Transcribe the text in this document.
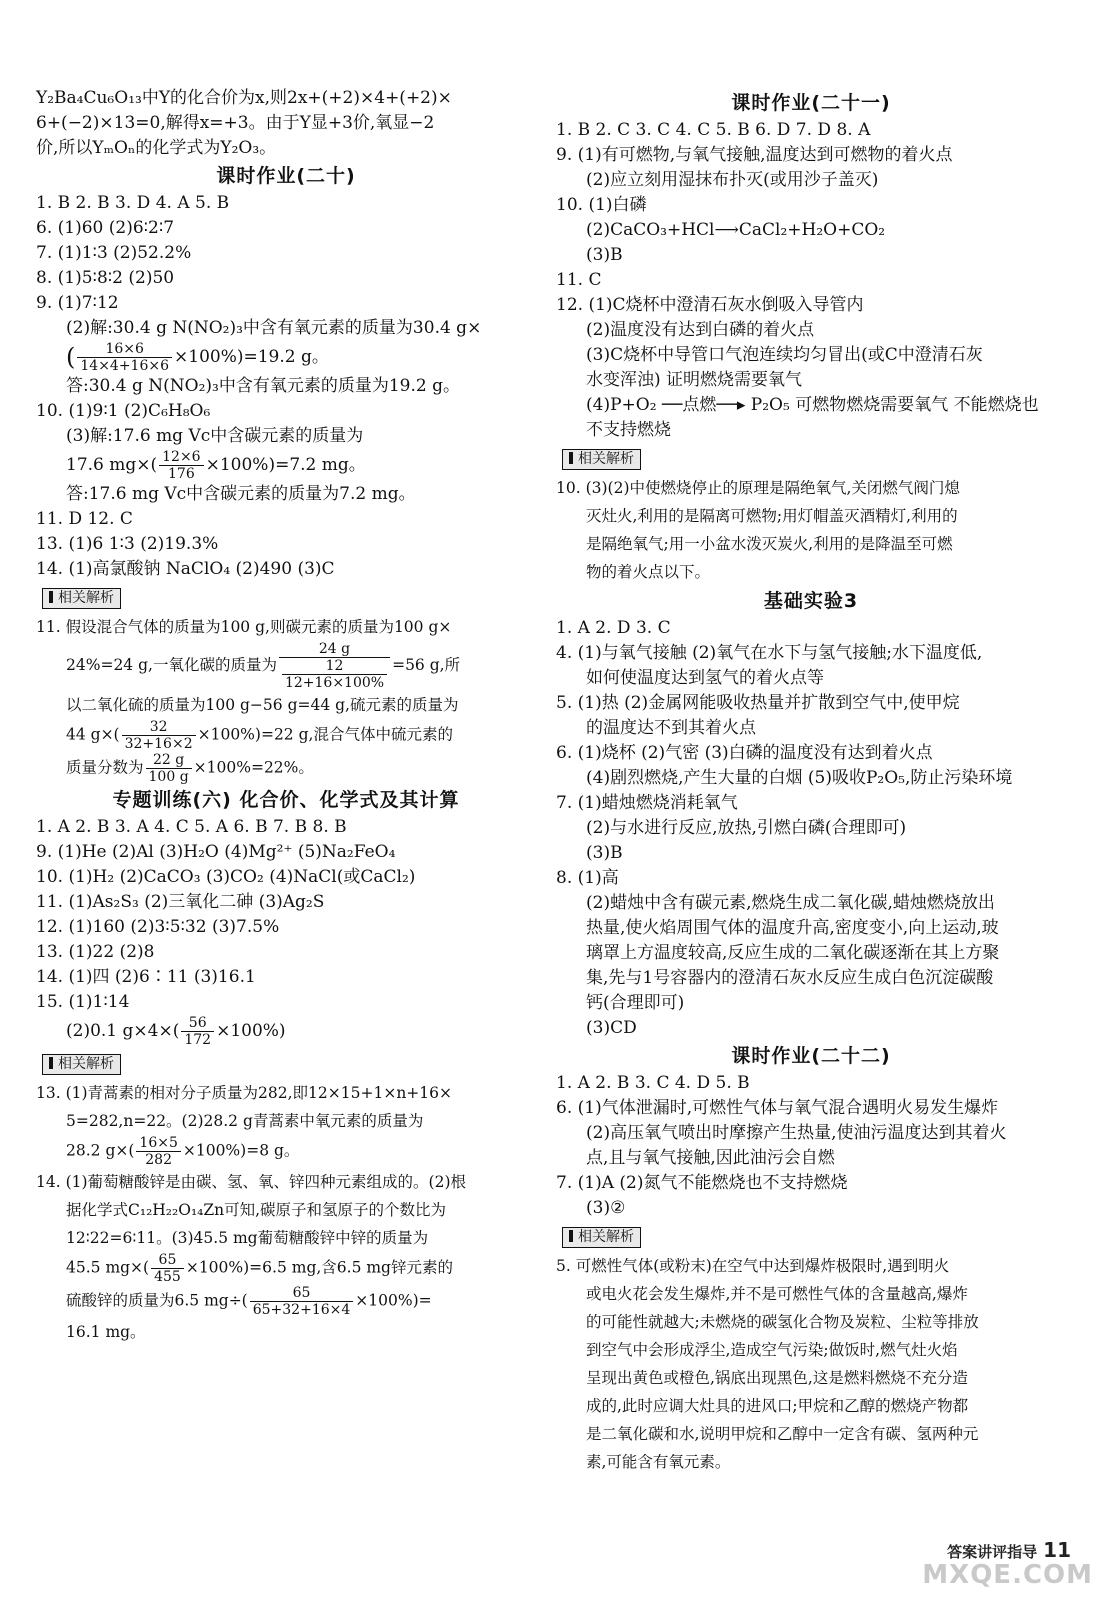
Y₂Ba₄Cu₆O₁₃中Y的化合价为x,则2x+(+2)×4+(+2)×
6+(−2)×13=0,解得x=+3。由于Y显+3价,氧显−2
价,所以YₘOₙ的化学式为Y₂O₃。
课时作业(二十)
1. B 2. B 3. D 4. A 5. B
6. (1)60 (2)6∶2∶7
7. (1)1∶3 (2)52.2%
8. (1)5∶8∶2 (2)50
9. (1)7∶12
(2)解:30.4 g N(NO₂)₃中含有氧元素的质量为30.4 g×
( $\frac{16\times 6}{14\times 4+16\times 6} \times 100\%)=19.2$ g。
答:30.4 g N(NO₂)₃中含有氧元素的质量为19.2 g。
10. (1)9∶1 (2)C₆H₈O₆
(3)解:17.6 mg Vc中含碳元素的质量为
17.6 $mg\times( \frac{12\times 6}{176} \times 100\%)=7.2$ mg。
答:17.6 mg Vc中含碳元素的质量为7.2 mg。
11. D 12. C
13. (1)6 1∶3 (2)19.3%
14. (1)高氯酸钠 NaClO₄ (2)490 (3)C
相关解析
11. 假设混合气体的质量为100 g,则碳元素的质量为100 g×
24%=24 g,一氧化碳的质量为 $\frac{24 g}{\frac{12}{12+16\times 100\%}} =56$ g,所
以二氧化硫的质量为100 g−56 g=44 g,硫元素的质量为
44 $g\times( \frac{32}{32+16\times 2} \times 100\%)=22$ g,混合气体中硫元素的
质量分数为 $\frac{22 g}{100 g} \times 100\%=22\%$。
专题训练(六) 化合价、化学式及其计算
1. A 2. B 3. A 4. C 5. A 6. B 7. B 8. B
9. (1)He (2)Al (3)H₂O (4)Mg²⁺ (5)Na₂FeO₄
10. (1)H₂ (2)CaCO₃ (3)CO₂ (4)NaCl(或CaCl₂)
11. (1)As₂S₃ (2)三氧化二砷 (3)Ag₂S
12. (1)160 (2)3∶5∶32 (3)7.5%
13. (1)22 (2)8
14. (1)四 (2)6∶11 (3)16.1
15. (1)1∶14
(2)0.1 $g\times 4\times( \frac{56}{172} \times 100\%)$
相关解析
13. (1)青蒿素的相对分子质量为282,即12×15+1×n+16×
5=282,n=22。(2)28.2 g青蒿素中氧元素的质量为
28.2 $g\times( \frac{16\times 5}{282} \times 100\%)=8$ g。
14. (1)葡萄糖酸锌是由碳、氢、氧、锌四种元素组成的。(2)根
据化学式C₁₂H₂₂O₁₄Zn可知,碳原子和氢原子的个数比为
12∶22=6∶11。(3)45.5 mg葡萄糖酸锌中锌的质量为
45.5 $mg\times( \frac{65}{455} \times 100\%)=6.5$ mg,含6.5 mg锌元素的
硫酸锌的质量为6.5 $mg\div( \frac{65}{65+32+16\times 4} \times 100\%)=$
16.1 mg。
课时作业(二十一)
1. B 2. C 3. C 4. C 5. B 6. D 7. D 8. A
9. (1)有可燃物,与氧气接触,温度达到可燃物的着火点
(2)应立刻用湿抹布扑灭(或用沙子盖灭)
10. (1)白磷
(2)CaCO₃+HCl⟶CaCl₂+H₂O+CO₂
(3)B
11. C
12. (1)C烧杯中澄清石灰水倒吸入导管内
(2)温度没有达到白磷的着火点
(3)C烧杯中导管口气泡连续均匀冒出(或C中澄清石灰
水变浑浊) 证明燃烧需要氧气
(4)P+O₂ ──点燃──▸ P₂O₅ 可燃物燃烧需要氧气 不能燃烧也
不支持燃烧
相关解析
10. (3)(2)中使燃烧停止的原理是隔绝氧气,关闭燃气阀门熄
灭灶火,利用的是隔离可燃物;用灯帽盖灭酒精灯,利用的
是隔绝氧气;用一小盆水泼灭炭火,利用的是降温至可燃
物的着火点以下。
基础实验3
1. A 2. D 3. C
4. (1)与氧气接触 (2)氧气在水下与氢气接触;水下温度低,
如何使温度达到氢气的着火点等
5. (1)热 (2)金属网能吸收热量并扩散到空气中,使甲烷
的温度达不到其着火点
6. (1)烧杯 (2)气密 (3)白磷的温度没有达到着火点
(4)剧烈燃烧,产生大量的白烟 (5)吸收P₂O₅,防止污染环境
7. (1)蜡烛燃烧消耗氧气
(2)与水进行反应,放热,引燃白磷(合理即可)
(3)B
8. (1)高
(2)蜡烛中含有碳元素,燃烧生成二氧化碳,蜡烛燃烧放出
热量,使火焰周围气体的温度升高,密度变小,向上运动,玻
璃罩上方温度较高,反应生成的二氧化碳逐渐在其上方聚
集,先与1号容器内的澄清石灰水反应生成白色沉淀碳酸
钙(合理即可)
(3)CD
课时作业(二十二)
1. A 2. B 3. C 4. D 5. B
6. (1)气体泄漏时,可燃性气体与氧气混合遇明火易发生爆炸
(2)高压氧气喷出时摩擦产生热量,使油污温度达到其着火
点,且与氧气接触,因此油污会自燃
7. (1)A (2)氮气不能燃烧也不支持燃烧
(3)②
相关解析
5. 可燃性气体(或粉末)在空气中达到爆炸极限时,遇到明火
或电火花会发生爆炸,并不是可燃性气体的含量越高,爆炸
的可能性就越大;未燃烧的碳氢化合物及炭粒、尘粒等排放
到空气中会形成浮尘,造成空气污染;做饭时,燃气灶火焰
呈现出黄色或橙色,锅底出现黑色,这是燃料燃烧不充分造
成的,此时应调大灶具的进风口;甲烷和乙醇的燃烧产物都
是二氧化碳和水,说明甲烷和乙醇中一定含有碳、氢两种元
素,可能含有氧元素。
答案讲评指导 11
MXQE.COM
